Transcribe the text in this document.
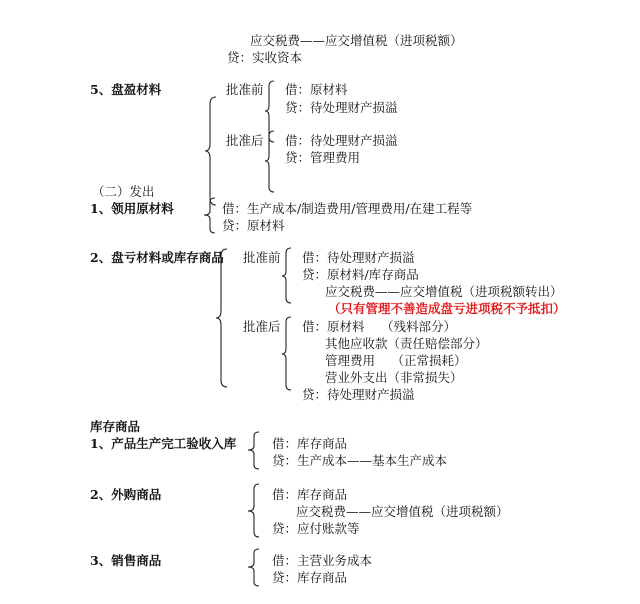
应交税费——应交增值税（进项税额）
贷：实收资本
5、盘盈材料	批准前 借：原材料
贷：待处理财产损溢
批准后 借：待处理财产损溢
贷：管理费用
（二）发出
1、领用原材料	借：生产成本/制造费用/管理费用/在建工程等
贷：原材料
2、盘亏材料或库存商品 批准前 借：待处理财产损溢
贷：原材料/库存商品
应交税费——应交增值税（进项税额转出）
（只有管理不善造成盘亏进项税不予抵扣）
批准后 借：原材料　 （残料部分）
其他应收款（责任赔偿部分）
管理费用　 （正常损耗）
营业外支出（非常损失）
贷：待处理财产损溢
库存商品
1、产品生产完工验收入库	借：库存商品
贷：生产成本——基本生产成本
2、外购商品	借：库存商品
应交税费——应交增值税（进项税额）
贷：应付账款等
3、销售商品	借：主营业务成本
贷：库存商品
